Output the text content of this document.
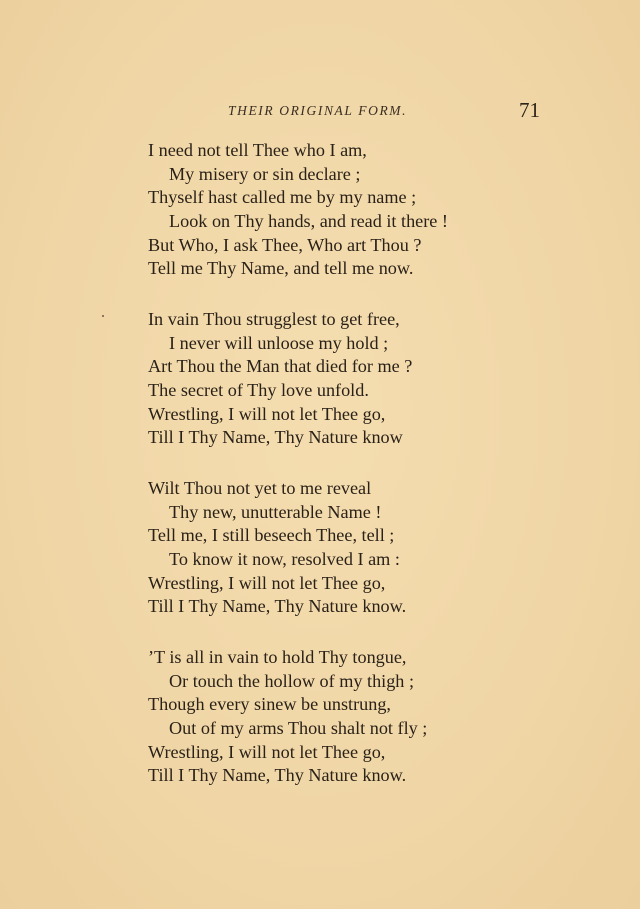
THEIR ORIGINAL FORM.	71
I need not tell Thee who I am,
My misery or sin declare ;
Thyself hast called me by my name ;
Look on Thy hands, and read it there !
But Who, I ask Thee, Who art Thou ?
Tell me Thy Name, and tell me now.
In vain Thou strugglest to get free,
I never will unloose my hold ;
Art Thou the Man that died for me ?
The secret of Thy love unfold.
Wrestling, I will not let Thee go,
Till I Thy Name, Thy Nature know
Wilt Thou not yet to me reveal
Thy new, unutterable Name !
Tell me, I still beseech Thee, tell ;
To know it now, resolved I am :
Wrestling, I will not let Thee go,
Till I Thy Name, Thy Nature know.
’T is all in vain to hold Thy tongue,
Or touch the hollow of my thigh ;
Though every sinew be unstrung,
Out of my arms Thou shalt not fly ;
Wrestling, I will not let Thee go,
Till I Thy Name, Thy Nature know.
